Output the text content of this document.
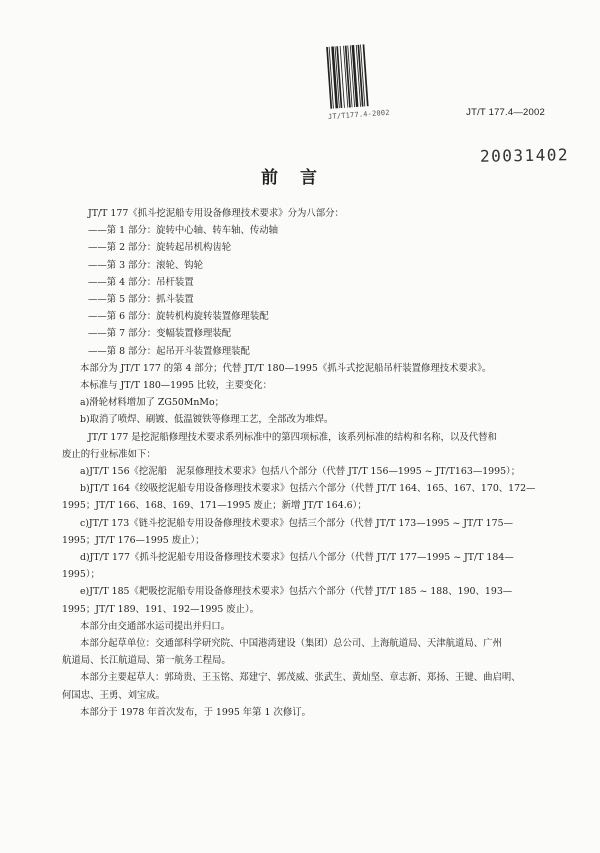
JT/T177.4-2002	JT/T 177.4—2002
20031402
前言
JT/T 177《抓斗挖泥船专用设备修理技术要求》分为八部分：
——第 1 部分：旋转中心轴、转车轴、传动轴
——第 2 部分：旋转起吊机构齿轮
——第 3 部分：滚轮、钩轮
——第 4 部分：吊杆装置
——第 5 部分：抓斗装置
——第 6 部分：旋转机构旋转装置修理装配
——第 7 部分：变幅装置修理装配
——第 8 部分：起吊开斗装置修理装配
本部分为 JT/T 177 的第 4 部分；代替 JT/T 180—1995《抓斗式挖泥船吊杆装置修理技术要求》。
本标准与 JT/T 180—1995 比较，主要变化：
a)滑轮材料增加了 ZG50MnMo；
b)取消了喷焊、刷镀、低温镀铁等修理工艺，全部改为堆焊。
JT/T 177 是挖泥船修理技术要求系列标准中的第四项标准，该系列标准的结构和名称，以及代替和
废止的行业标准如下：
a)JT/T 156《挖泥船　泥泵修理技术要求》包括八个部分（代替 JT/T 156—1995 ~ JT/T163—1995）；
b)JT/T 164《绞吸挖泥船专用设备修理技术要求》包括六个部分（代替 JT/T 164、165、167、170、172—
1995；JT/T 166、168、169、171—1995 废止；新增 JT/T 164.6）；
c)JT/T 173《链斗挖泥船专用设备修理技术要求》包括三个部分（代替 JT/T 173—1995 ~ JT/T 175—
1995；JT/T 176—1995 废止）；
d)JT/T 177《抓斗挖泥船专用设备修理技术要求》包括八个部分（代替 JT/T 177—1995 ~ JT/T 184—
1995）；
e)JT/T 185《耙吸挖泥船专用设备修理技术要求》包括六个部分（代替 JT/T 185 ~ 188、190、193—
1995；JT/T 189、191、192—1995 废止）。
本部分由交通部水运司提出并归口。
本部分起草单位：交通部科学研究院、中国港湾建设（集团）总公司、上海航道局、天津航道局、广州
航道局、长江航道局、第一航务工程局。
本部分主要起草人：郭琦贵、王玉铭、郑建宁、郭茂威、张武生、黄灿坚、章志新、郑扬、王键、曲启明、
何国忠、王勇、刘宝成。
本部分于 1978 年首次发布，于 1995 年第 1 次修订。
